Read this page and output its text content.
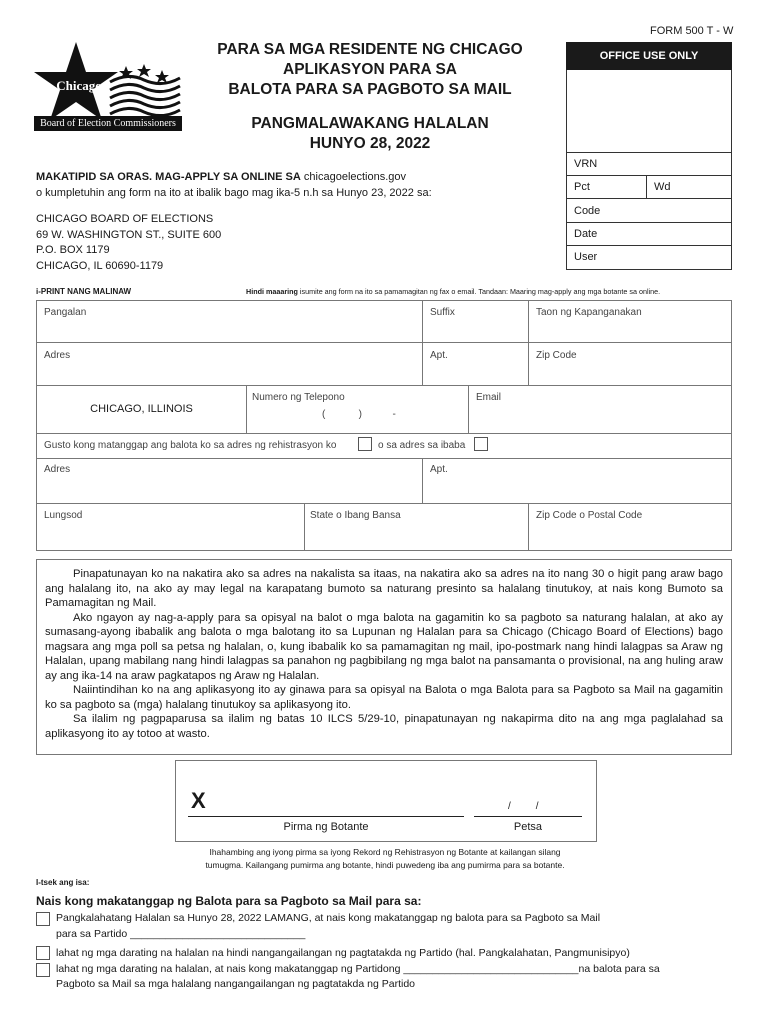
FORM 500 T - W
Chicago
Board of Election Commissioners
PARA SA MGA RESIDENTE NG CHICAGO
APLIKASYON PARA SA
BALOTA PARA SA PAGBOTO SA MAIL
PANGMALAWAKANG HALALAN
HUNYO 28, 2022
OFFICE USE ONLY
VRN
Pct	Wd
Code
Date
User
MAKATIPID SA ORAS. MAG-APPLY SA ONLINE SA chicagoelections.gov
o kumpletuhin ang form na ito at ibalik bago mag ika-5 n.h sa Hunyo 23, 2022 sa:
CHICAGO BOARD OF ELECTIONS
69 W. WASHINGTON ST., SUITE 600
P.O. BOX 1179
CHICAGO, IL 60690-1179
i-PRINT NANG MALINAW	Hindi maaaring isumite ang form na ito sa pamamagitan ng fax o email. Tandaan: Maaring mag-apply ang mga botante sa online.
Pangalan	Suffix	Taon ng Kapanganakan
Adres	Apt.	Zip Code
CHICAGO, ILLINOIS
Numero ng Telepono
(            )           -
Email
Gusto kong matanggap ang balota ko sa adres ng rehistrasyon ko	o sa adres sa ibaba
Adres	Apt.
Lungsod	State o Ibang Bansa	Zip Code o Postal Code

Pinapatunayan ko na nakatira ako sa adres na nakalista sa itaas, na nakatira ako sa adres na ito nang 30 o higit pang araw bago ang halalang ito, na ako ay may legal na karapatang bumoto sa naturang presinto sa halalang tinutukoy, at nais kong Bumoto sa Pamamagitan ng Mail.

Ako ngayon ay nag-a-apply para sa opisyal na balot o mga balota na gagamitin ko sa pagboto sa naturang halalan, at ako ay sumasang-ayong ibabalik ang balota o mga balotang ito sa Lupunan ng Halalan para sa Chicago (Chicago Board of Elections) bago magsara ang mga poll sa petsa ng halalan, o, kung ibabalik ko sa pamamagitan ng mail, ipo-postmark nang hindi lalagpas sa Araw ng Halalan, upang mabilang nang hindi lalagpas sa panahon ng pagbibilang ng mga balot na pansamanta o provisional, na ang huling araw ay ang ika-14 na araw pagkatapos ng Araw ng Halalan.

Naiintindihan ko na ang aplikasyong ito ay ginawa para sa opisyal na Balota o mga Balota para sa Pagboto sa Mail na gagamitin ko sa pagboto sa (mga) halalang tinutukoy sa aplikasyong ito.

Sa ilalim ng pagpaparusa sa ilalim ng batas 10 ILCS 5/29-10, pinapatunayan ng nakapirma dito na ang mga paglalahad sa aplikasyong ito ay totoo at wasto.

X	/         /
Pirma ng Botante	Petsa
Ihahambing ang iyong pirma sa iyong Rekord ng Rehistrasyon ng Botante at kailangan silang
tumugma. Kailangang pumirma ang botante, hindi puwedeng iba ang pumirma para sa botante.
I-tsek ang isa:
Nais kong makatanggap ng Balota para sa Pagboto sa Mail para sa:
Pangkalahatang Halalan sa Hunyo 28, 2022 LAMANG, at nais kong makatanggap ng balota para sa Pagboto sa Mail
para sa Partido ______________________________
lahat ng mga darating na halalan na hindi nangangailangan ng pagtatakda ng Partido (hal. Pangkalahatan, Pangmunisipyo)
lahat ng mga darating na halalan, at nais kong makatanggap ng Partidong ______________________________na balota para sa
Pagboto sa Mail sa mga halalang nangangailangan ng pagtatakda ng Partido
